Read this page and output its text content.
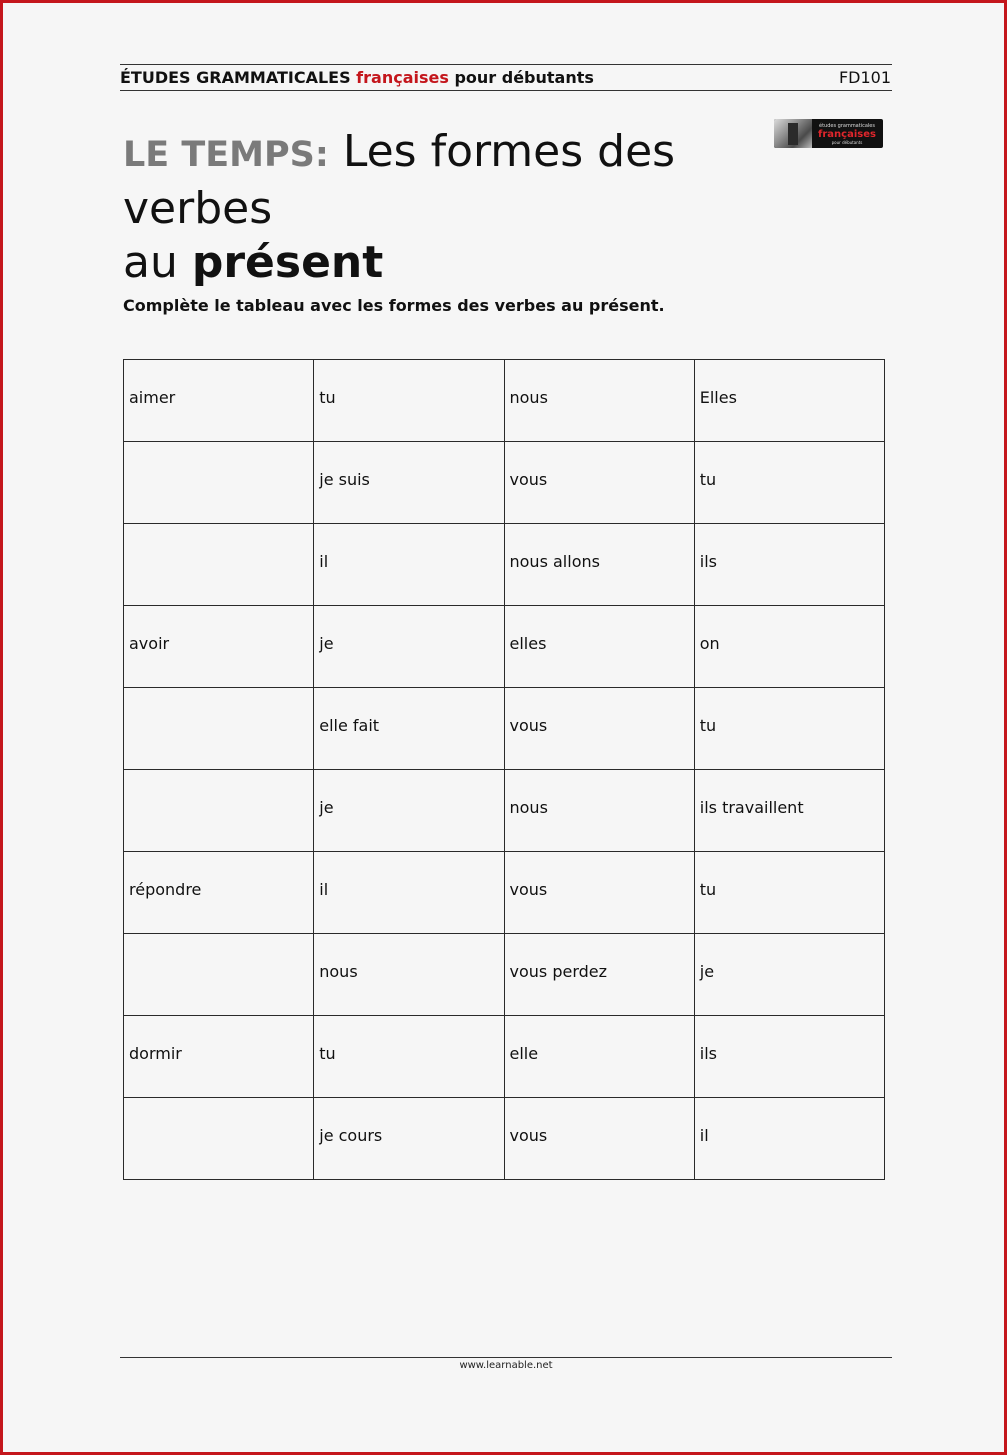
ÉTUDES GRAMMATICALES françaises pour débutants	FD101
LE TEMPS: Les formes des verbes
au présent
études grammaticales
françaises
pour débutants
Complète le tableau avec les formes des verbes au présent.
aimer	tu	nous	Elles
	je suis	vous	tu
	il	nous allons	ils
avoir	je	elles	on
	elle fait	vous	tu
	je	nous	ils travaillent
répondre	il	vous	tu
	nous	vous perdez	je
dormir	tu	elle	ils
	je cours	vous	il
www.learnable.net
